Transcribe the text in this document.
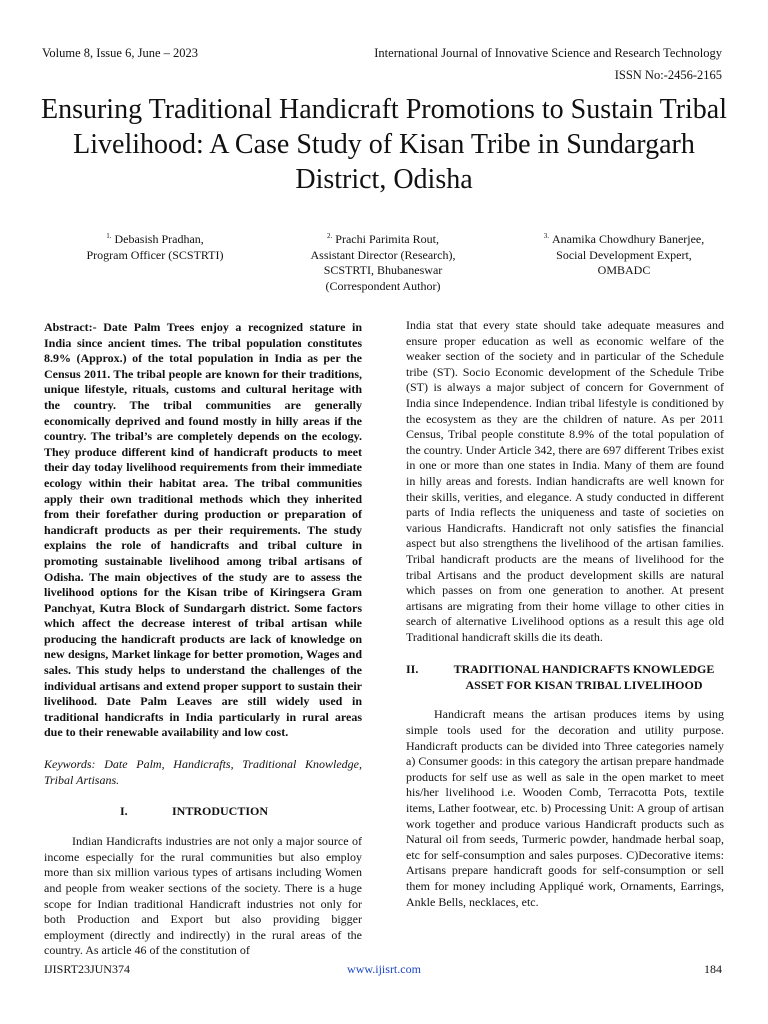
Volume 8, Issue 6, June – 2023	International Journal of Innovative Science and Research Technology
ISSN No:-2456-2165
Ensuring Traditional Handicraft Promotions to Sustain Tribal Livelihood: A Case Study of Kisan Tribe in Sundargarh District, Odisha
$^{1.}$ Debasish Pradhan,
Program Officer (SCSTRTI)
$^{2.}$ Prachi Parimita Rout,
Assistant Director (Research),
SCSTRTI, Bhubaneswar
(Correspondent Author)
$^{3.}$ Anamika Chowdhury Banerjee,
Social Development Expert,
OMBADC

Abstract:- Date Palm Trees enjoy a recognized stature in India since ancient times. The tribal population constitutes 8.9% (Approx.) of the total population in India as per the Census 2011. The tribal people are known for their traditions, unique lifestyle, rituals, customs and cultural heritage with the country. The tribal communities are generally economically deprived and found mostly in hilly areas if the country. The tribal’s are completely depends on the ecology. They produce different kind of handicraft products to meet their day today livelihood requirements from their immediate ecology within their habitat area. The tribal communities apply their own traditional methods which they inherited from their forefather during production or preparation of handicraft products as per their requirements. The study explains the role of handicrafts and tribal culture in promoting sustainable livelihood among tribal artisans of Odisha. The main objectives of the study are to assess the livelihood options for the Kisan tribe of Kiringsera Gram Panchyat, Kutra Block of Sundargarh district. Some factors which affect the decrease interest of tribal artisan while producing the handicraft products are lack of knowledge on new designs, Market linkage for better promotion, Wages and sales. This study helps to understand the challenges of the individual artisans and extend proper support to sustain their livelihood. Date Palm Leaves are still widely used in traditional handicrafts in India particularly in rural areas due to their renewable availability and low cost.

Keywords: Date Palm, Handicrafts, Traditional Knowledge, Tribal Artisans.

I.	INTRODUCTION

Indian Handicrafts industries are not only a major source of income especially for the rural communities but also employ more than six million various types of artisans including Women and people from weaker sections of the society. There is a huge scope for Indian traditional Handicraft industries not only for both Production and Export but also providing bigger employment (directly and indirectly) in the rural areas of the country. As article 46 of the constitution of

India stat that every state should take adequate measures and ensure proper education as well as economic welfare of the weaker section of the society and in particular of the Schedule tribe (ST). Socio Economic development of the Schedule Tribe (ST) is always a major subject of concern for Government of India since Independence. Indian tribal lifestyle is conditioned by the ecosystem as they are the children of nature. As per 2011 Census, Tribal people constitute 8.9% of the total population of the country. Under Article 342, there are 697 different Tribes exist in one or more than one states in India. Many of them are found in hilly areas and forests. Indian handicrafts are well known for their skills, verities, and elegance. A study conducted in different parts of India reflects the uniqueness and taste of societies on various Handicrafts. Handicraft not only satisfies the financial aspect but also strengthens the livelihood of the artisan families. Tribal handicraft products are the means of livelihood for the tribal Artisans and the product development skills are natural which passes on from one generation to another. At present artisans are migrating from their home village to other cities in search of alternative Livelihood options as a result this age old Traditional handicraft skills die its death.

II.	TRADITIONAL HANDICRAFTS KNOWLEDGE ASSET FOR KISAN TRIBAL LIVELIHOOD

Handicraft means the artisan produces items by using simple tools used for the decoration and utility purpose. Handicraft products can be divided into Three categories namely        a) Consumer goods: in this category the artisan prepare handmade products for self use as well as sale in the open market to meet his/her livelihood i.e. Wooden Comb, Terracotta Pots, textile items, Lather footwear, etc. b) Processing Unit: A group of artisan work together and produce various Handicraft products such as Natural oil from seeds, Turmeric powder, handmade herbal soap, etc for self-consumption and sales purposes. C)Decorative items: Artisans prepare handicraft goods for self-consumption or sell them for money including Appliqué work, Ornaments, Earrings, Ankle Bells, necklaces, etc.

IJISRT23JUN374	www.ijisrt.com	184
